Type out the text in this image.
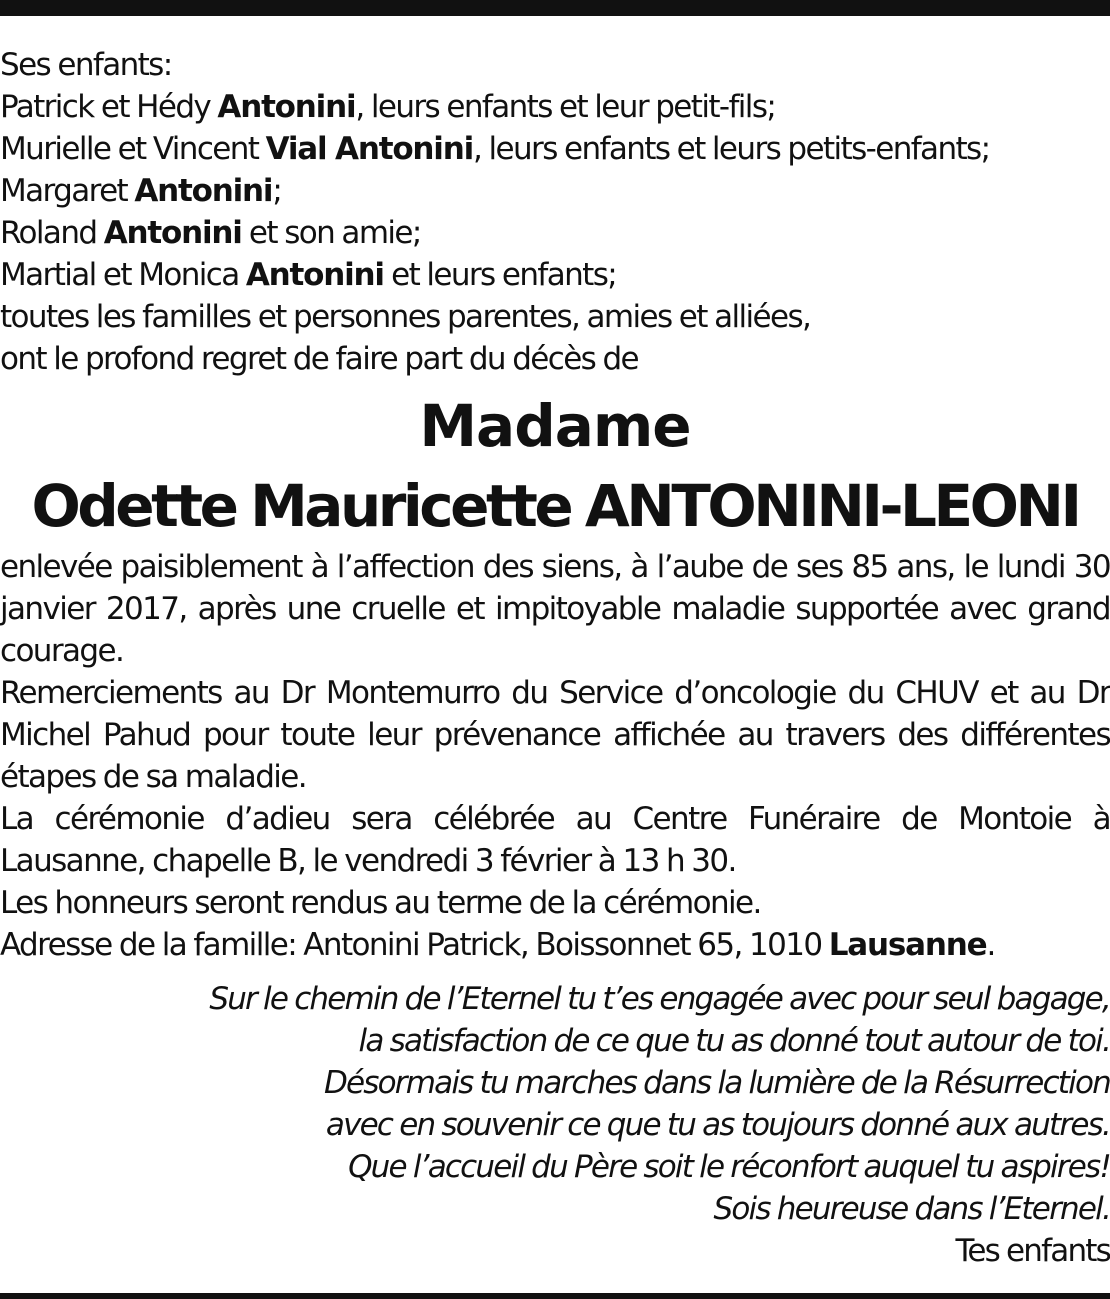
Ses enfants:
Patrick et Hédy Antonini, leurs enfants et leur petit-fils;
Murielle et Vincent Vial Antonini, leurs enfants et leurs petits-enfants;
Margaret Antonini;
Roland Antonini et son amie;
Martial et Monica Antonini et leurs enfants;
toutes les familles et personnes parentes, amies et alliées,
ont le profond regret de faire part du décès de
Madame
Odette Mauricette ANTONINI-LEONI

enlevée paisiblement à l’affection des siens, à l’aube de ses 85 ans, le lundi 30 janvier 2017, après une cruelle et impitoyable maladie supportée avec grand courage.

Remerciements au Dr Montemurro du Service d’oncologie du CHUV et au Dr Michel Pahud pour toute leur prévenance affichée au travers des différentes étapes de sa maladie.

La cérémonie d’adieu sera célébrée au Centre Funéraire de Montoie à Lausanne, chapelle B, le vendredi 3 février à 13 h 30.

Les honneurs seront rendus au terme de la cérémonie.

Adresse de la famille: Antonini Patrick, Boissonnet 65, 1010 Lausanne.

Sur le chemin de l’Eternel tu t’es engagée avec pour seul bagage,
la satisfaction de ce que tu as donné tout autour de toi.
Désormais tu marches dans la lumière de la Résurrection
avec en souvenir ce que tu as toujours donné aux autres.
Que l’accueil du Père soit le réconfort auquel tu aspires!
Sois heureuse dans l’Eternel.
Tes enfants
